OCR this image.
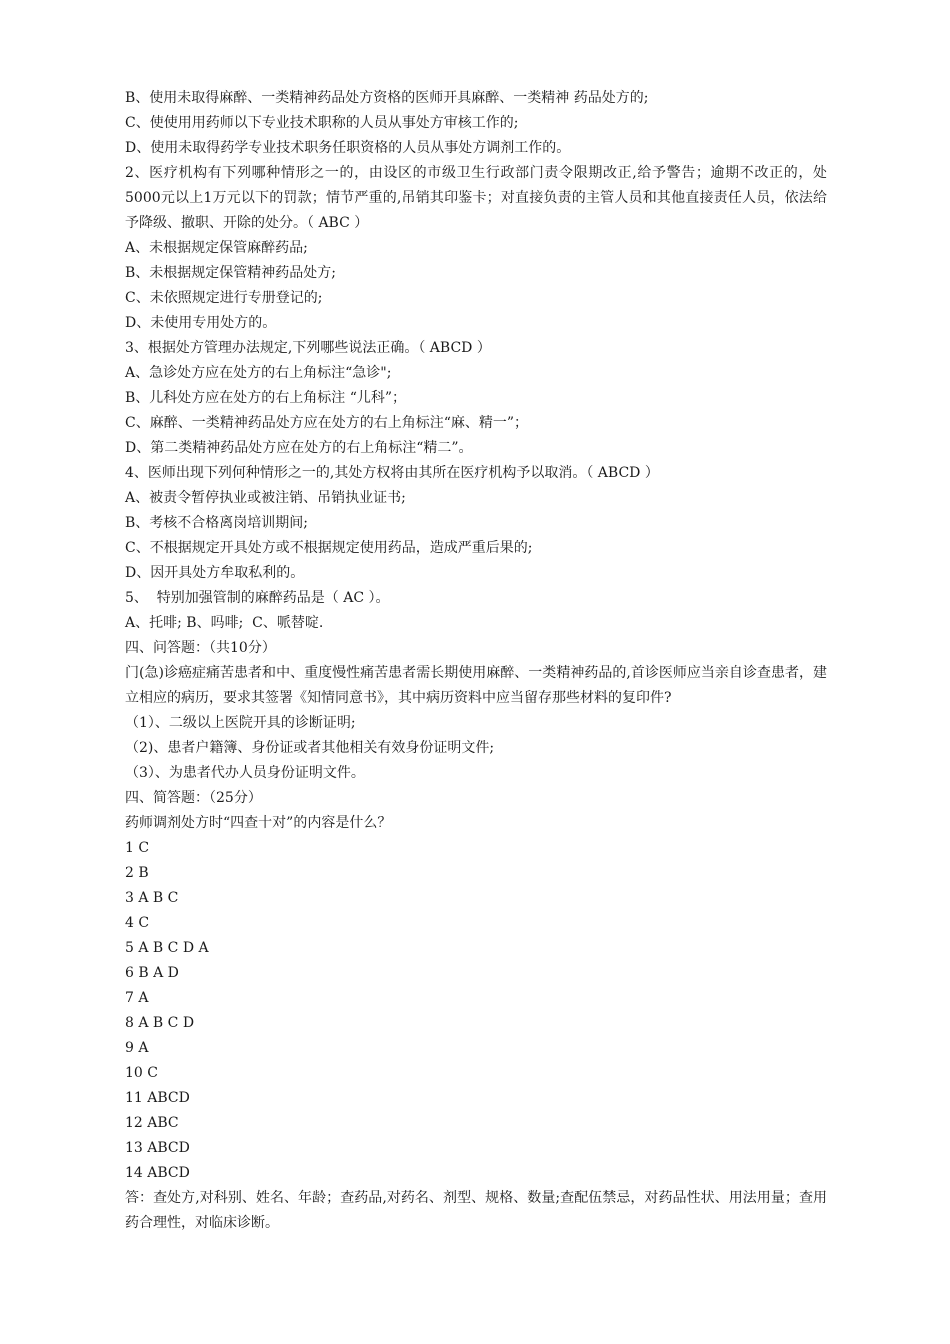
B、使用未取得麻醉、一类精神药品处方资格的医师开具麻醉、一类精神 药品处方的;

C、使使用用药师以下专业技术职称的人员从事处方审核工作的;

D、使用未取得药学专业技术职务任职资格的人员从事处方调剂工作的。

2、医疗机构有下列哪种情形之一的，由设区的市级卫生行政部门责令限期改正,给予警告；逾期不改正的，处5000元以上1万元以下的罚款；情节严重的,吊销其印鉴卡；对直接负责的主管人员和其他直接责任人员，依法给予降级、撤职、开除的处分。（ ABC ）

A、未根据规定保管麻醉药品;

B、未根据规定保管精神药品处方;

C、未依照规定进行专册登记的;

D、未使用专用处方的。

3、根据处方管理办法规定,下列哪些说法正确。（ ABCD ）

A、急诊处方应在处方的右上角标注“急诊";

B、儿科处方应在处方的右上角标注 “儿科”；

C、麻醉、一类精神药品处方应在处方的右上角标注“麻、精一”；

D、第二类精神药品处方应在处方的右上角标注“精二”。

4、医师出现下列何种情形之一的,其处方权将由其所在医疗机构予以取消。（ ABCD ）

A、被责令暂停执业或被注销、吊销执业证书;

B、考核不合格离岗培训期间;

C、不根据规定开具处方或不根据规定使用药品，造成严重后果的;

D、因开具处方牟取私利的。

5、  特别加强管制的麻醉药品是（ AC ）。

A、托啡; B、吗啡;  C、哌替啶.

四、问答题：（共10分）

门(急)诊癌症痛苦患者和中、重度慢性痛苦患者需长期使用麻醉、一类精神药品的,首诊医师应当亲自诊查患者，建立相应的病历，要求其签署《知情同意书》，其中病历资料中应当留存那些材料的复印件?

（1）、二级以上医院开具的诊断证明;

（2)、患者户籍簿、身份证或者其他相关有效身份证明文件;

（3）、为患者代办人员身份证明文件。

四、简答题：（25分）

药师调剂处方时“四查十对”的内容是什么？

1 C

2 B

3 A B C

4 C

5 A B C D A

6 B A D

7 A

8 A B C D

9 A

10 C

11 ABCD

12 ABC

13 ABCD

14 ABCD

答：查处方,对科别、姓名、年龄；查药品,对药名、剂型、规格、数量;查配伍禁忌，对药品性状、用法用量；查用药合理性，对临床诊断。
